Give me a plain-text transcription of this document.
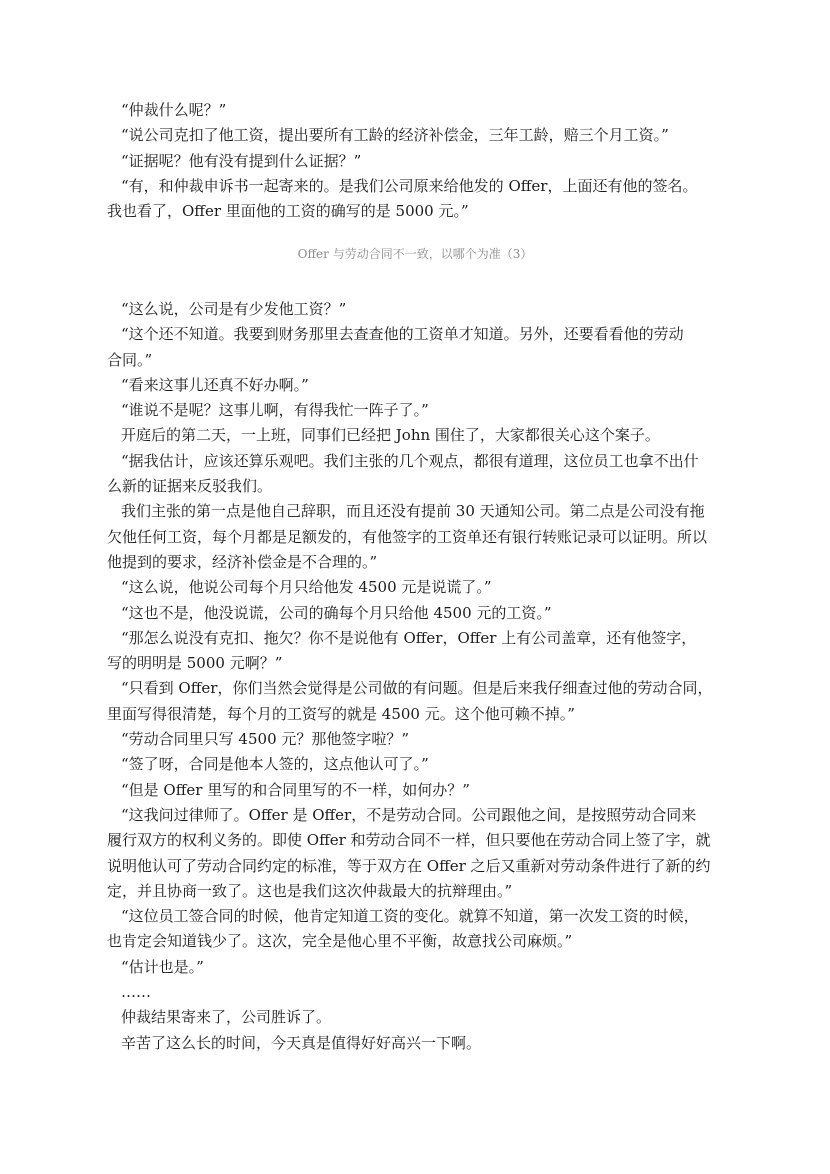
“仲裁什么呢？”
“说公司克扣了他工资，提出要所有工龄的经济补偿金，三年工龄，赔三个月工资。”
“证据呢？他有没有提到什么证据？”
“有，和仲裁申诉书一起寄来的。是我们公司原来给他发的 Offer，上面还有他的签名。
我也看了，Offer 里面他的工资的确写的是 5000 元。”
Offer 与劳动合同不一致，以哪个为准（3）
“这么说，公司是有少发他工资？”
“这个还不知道。我要到财务那里去查查他的工资单才知道。另外，还要看看他的劳动
合同。”
“看来这事儿还真不好办啊。”
“谁说不是呢？这事儿啊，有得我忙一阵子了。”
开庭后的第二天，一上班，同事们已经把 John 围住了，大家都很关心这个案子。
“据我估计，应该还算乐观吧。我们主张的几个观点，都很有道理，这位员工也拿不出什
么新的证据来反驳我们。
我们主张的第一点是他自己辞职，而且还没有提前 30 天通知公司。第二点是公司没有拖
欠他任何工资，每个月都是足额发的，有他签字的工资单还有银行转账记录可以证明。所以
他提到的要求，经济补偿金是不合理的。”
“这么说，他说公司每个月只给他发 4500 元是说谎了。”
“这也不是，他没说谎，公司的确每个月只给他 4500 元的工资。”
“那怎么说没有克扣、拖欠？你不是说他有 Offer，Offer 上有公司盖章，还有他签字，
写的明明是 5000 元啊？”
“只看到 Offer，你们当然会觉得是公司做的有问题。但是后来我仔细查过他的劳动合同，
里面写得很清楚，每个月的工资写的就是 4500 元。这个他可赖不掉。”
“劳动合同里只写 4500 元？那他签字啦？”
“签了呀，合同是他本人签的，这点他认可了。”
“但是 Offer 里写的和合同里写的不一样，如何办？”
“这我问过律师了。Offer 是 Offer，不是劳动合同。公司跟他之间，是按照劳动合同来
履行双方的权利义务的。即使 Offer 和劳动合同不一样，但只要他在劳动合同上签了字，就
说明他认可了劳动合同约定的标准，等于双方在 Offer 之后又重新对劳动条件进行了新的约
定，并且协商一致了。这也是我们这次仲裁最大的抗辩理由。”
“这位员工签合同的时候，他肯定知道工资的变化。就算不知道，第一次发工资的时候，
也肯定会知道钱少了。这次，完全是他心里不平衡，故意找公司麻烦。”
“估计也是。”
……
仲裁结果寄来了，公司胜诉了。
辛苦了这么长的时间，今天真是值得好好高兴一下啊。
